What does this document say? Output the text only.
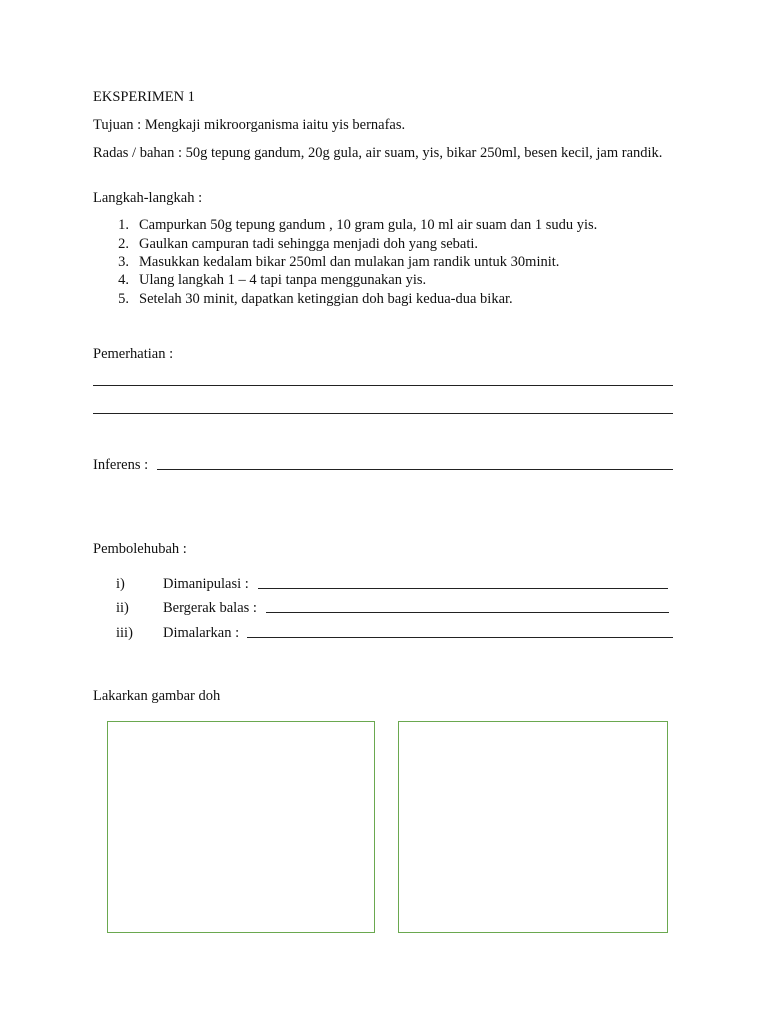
EKSPERIMEN 1
Tujuan : Mengkaji mikroorganisma iaitu yis bernafas.
Radas / bahan : 50g tepung gandum, 20g gula, air suam, yis, bikar 250ml, besen kecil, jam randik.
Langkah-langkah :
1. Campurkan 50g tepung gandum , 10 gram gula, 10 ml air suam dan 1 sudu yis.
2. Gaulkan campuran tadi sehingga menjadi doh yang sebati.
3. Masukkan kedalam bikar 250ml dan mulakan jam randik untuk 30minit.
4. Ulang langkah 1 – 4 tapi tanpa menggunakan yis.
5. Setelah 30 minit, dapatkan ketinggian doh bagi kedua-dua bikar.
Pemerhatian :
Inferens :
Pembolehubah :
i)	Dimanipulasi :
ii) Bergerak balas :
iii) Dimalarkan :
Lakarkan gambar doh
